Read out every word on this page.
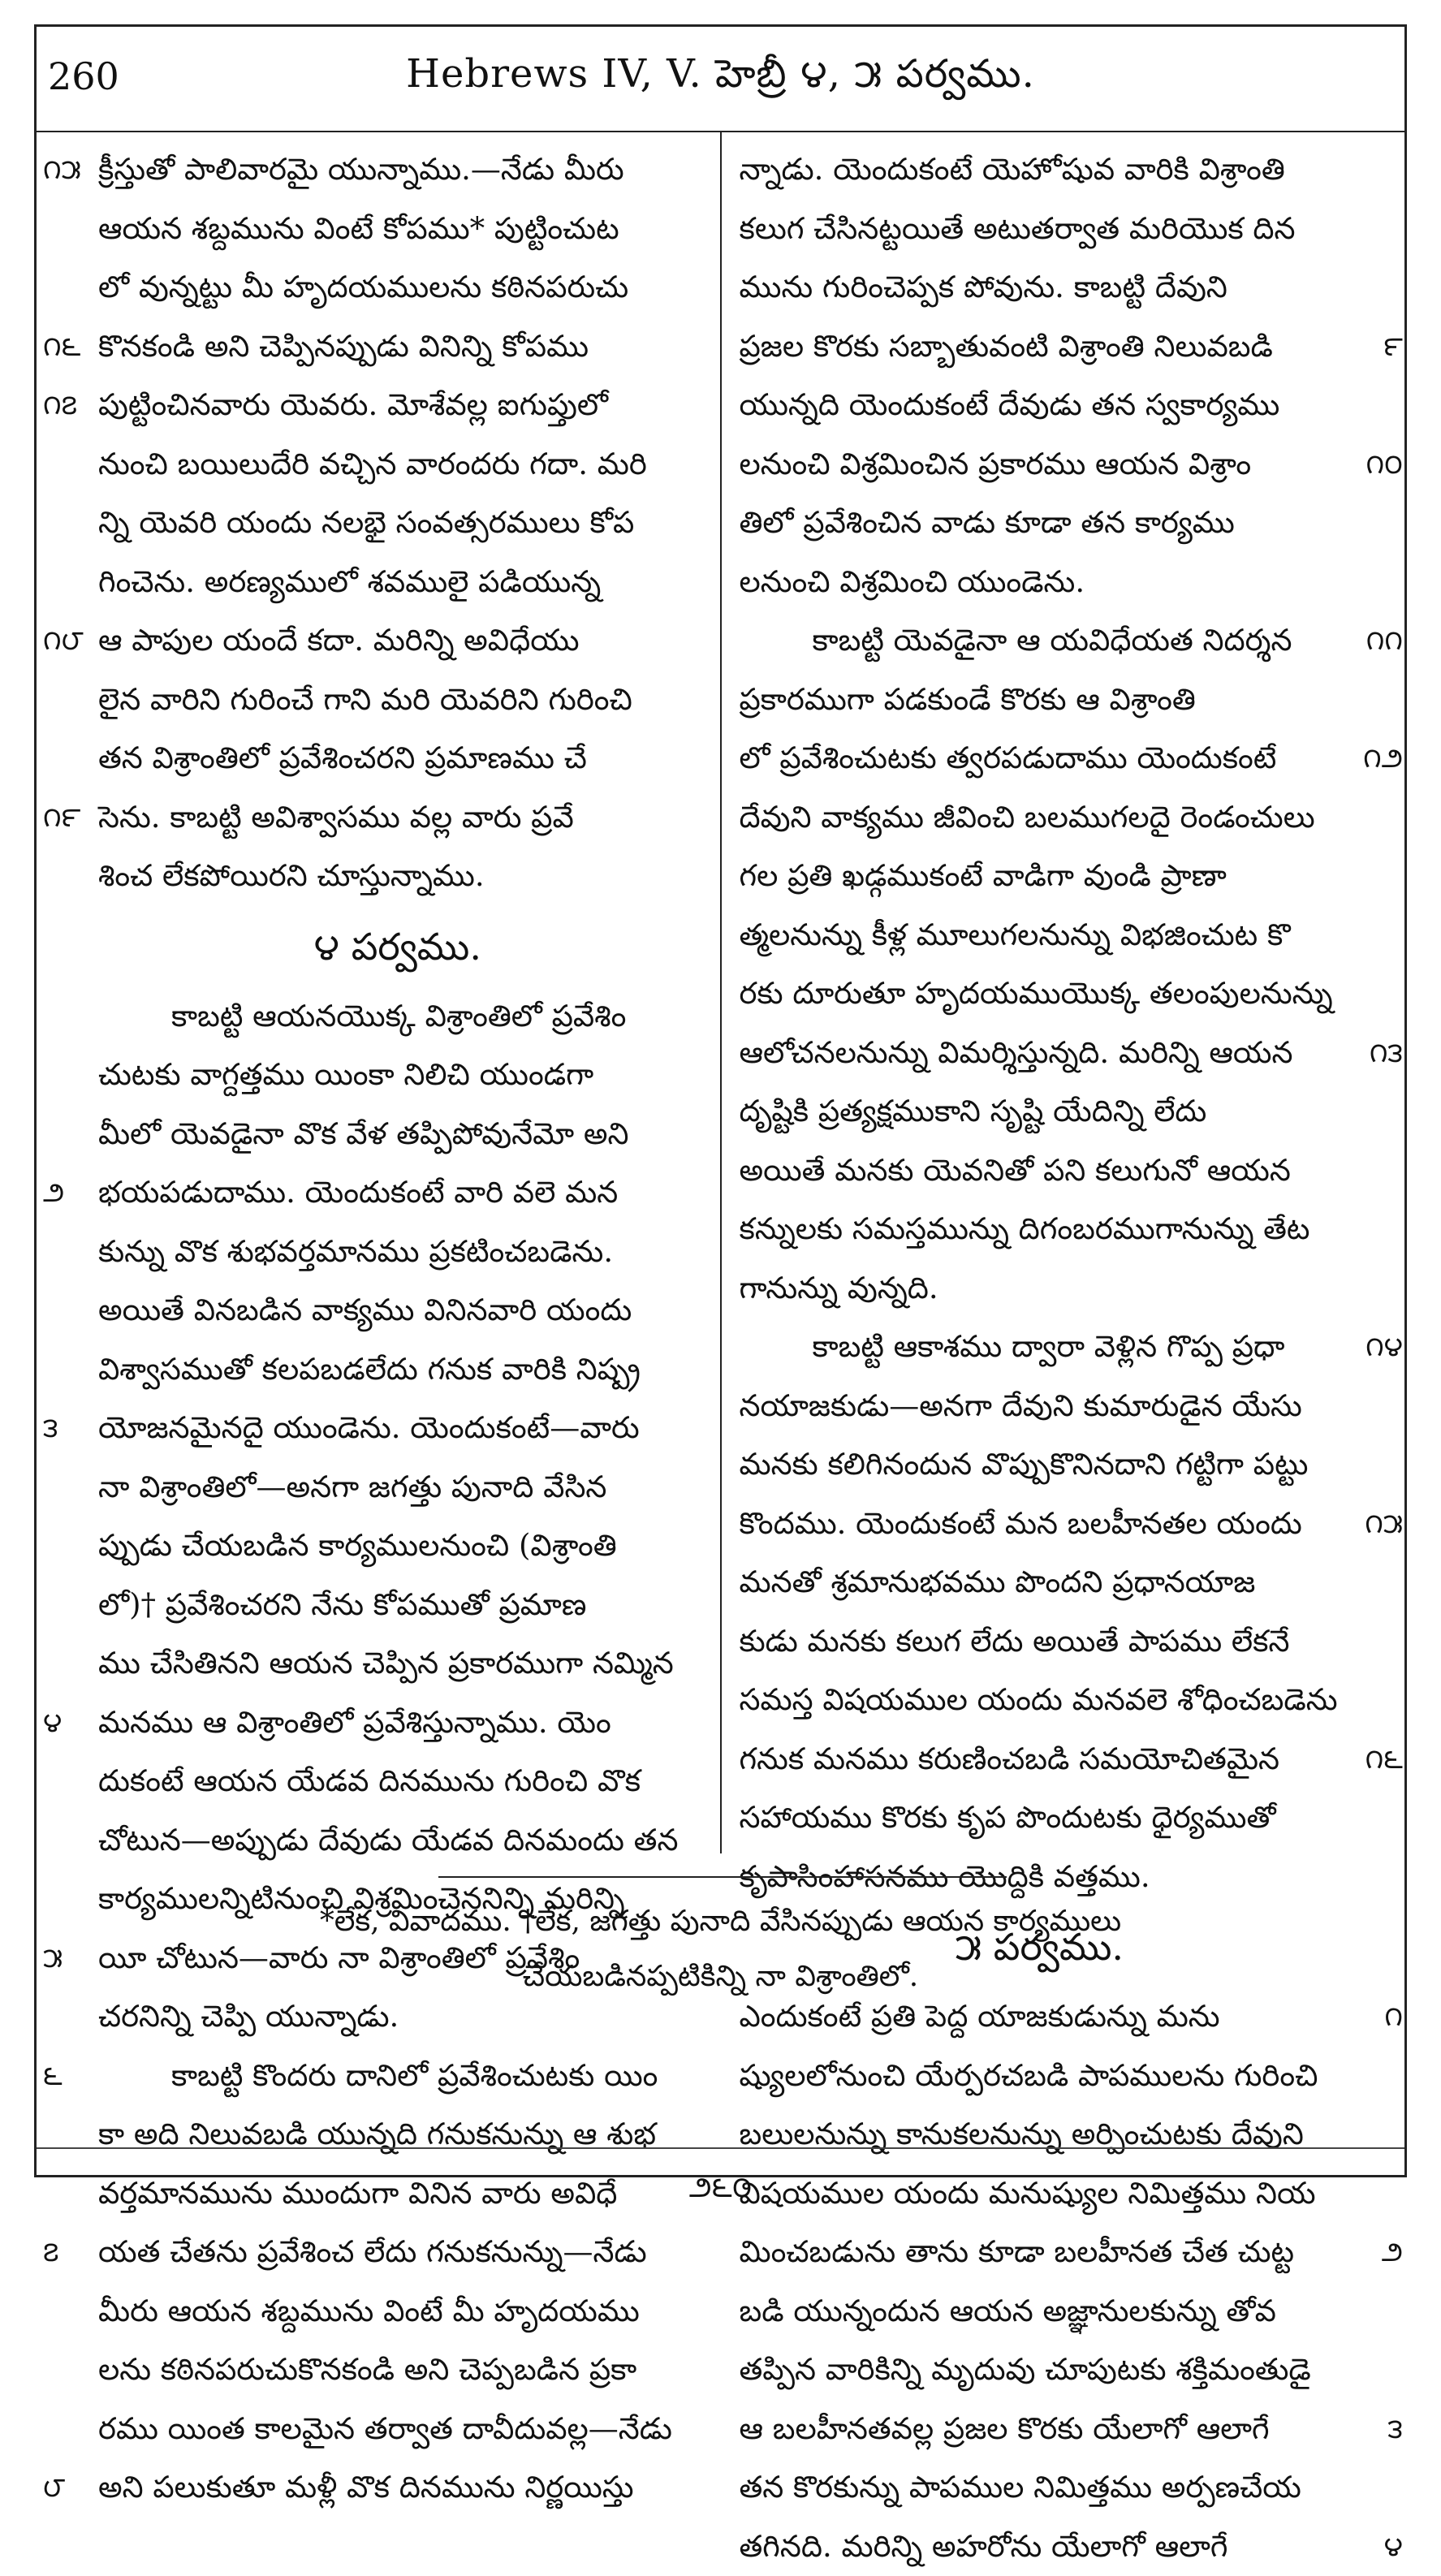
260	Hebrews IV, V. హెబ్రీ ౪, ౫ పర్వము.
౧౫ క్రీస్తుతో పాలివారమై యున్నాము.—నేడు మీరు
ఆయన శబ్దమును వింటే కోపము* పుట్టించుట
లో వున్నట్టు మీ హృదయములను కఠినపరుచు
౧౬ కొనకండి అని చెప్పినప్పుడు వినిన్ని కోపము
౧౭ పుట్టించినవారు యెవరు. మోశేవల్ల ఐగుప్తులో
నుంచి బయిలుదేరి వచ్చిన వారందరు గదా. మరి
న్ని యెవరి యందు నలభై సంవత్సరములు కోప
గించెను. అరణ్యములో శవములై పడియున్న
౧౮ ఆ పాపుల యందే కదా. మరిన్ని అవిధేయు
లైన వారిని గురించే గాని మరి యెవరిని గురించి
తన విశ్రాంతిలో ప్రవేశించరని ప్రమాణము చే
౧౯ సెను. కాబట్టి అవిశ్వాసము వల్ల వారు ప్రవే
శించ లేకపోయిరని చూస్తున్నాము.
౪ పర్వము.
కాబట్టి ఆయనయొక్క విశ్రాంతిలో ప్రవేశిం
చుటకు వాగ్దత్తము యింకా నిలిచి యుండగా
మీలో యెవడైనా వొక వేళ తప్పిపోవునేమో అని
౨	భయపడుదాము. యెందుకంటే వారి వలె మన
కున్ను వొక శుభవర్తమానము ప్రకటించబడెను.
అయితే వినబడిన వాక్యము వినినవారి యందు
విశ్వాసముతో కలపబడలేదు గనుక వారికి నిష్ప్ర
౩	యోజనమైనదై యుండెను. యెందుకంటే—వారు
నా విశ్రాంతిలో—అనగా జగత్తు పునాది వేసిన
ప్పుడు చేయబడిన కార్యములనుంచి (విశ్రాంతి
లో)† ప్రవేశించరని నేను కోపముతో ప్రమాణ
ము చేసితినని ఆయన చెప్పిన ప్రకారముగా నమ్మిన
౪	మనము ఆ విశ్రాంతిలో ప్రవేశిస్తున్నాము. యెం
దుకంటే ఆయన యేడవ దినమును గురించి వొక
చోటున—అప్పుడు దేవుడు యేడవ దినమందు తన
కార్యములన్నిటినుంచి విశ్రమించెననిన్ని మరిన్ని
౫	యీ చోటున—వారు నా విశ్రాంతిలో ప్రవేశిం
చరనిన్ని చెప్పి యున్నాడు.
౬	కాబట్టి కొందరు దానిలో ప్రవేశించుటకు యిం
కా అది నిలువబడి యున్నది గనుకనున్ను ఆ శుభ
వర్తమానమును ముందుగా వినిన వారు అవిధే
౭	యత చేతను ప్రవేశించ లేదు గనుకనున్ను—నేడు
మీరు ఆయన శబ్దమును వింటే మీ హృదయము
లను కఠినపరుచుకొనకండి అని చెప్పబడిన ప్రకా
రము యింత కాలమైన తర్వాత దావీదువల్ల—నేడు
౮	అని పలుకుతూ మళ్లీ వొక దినమును నిర్ణయిస్తు
న్నాడు. యెందుకంటే యెహోషువ వారికి విశ్రాంతి
కలుగ చేసినట్టయితే అటుతర్వాత మరియొక దిన
మును గురించెప్పక పోవును. కాబట్టి దేవుని
౯
ప్రజల కొరకు సబ్బాతువంటి విశ్రాంతి నిలువబడి
యున్నది యెందుకంటే దేవుడు తన స్వకార్యము
౧౦
లనుంచి విశ్రమించిన ప్రకారము ఆయన విశ్రాం
తిలో ప్రవేశించిన వాడు కూడా తన కార్యము
లనుంచి విశ్రమించి యుండెను.
౧౧
కాబట్టి యెవడైనా ఆ యవిధేయత నిదర్శన
ప్రకారముగా పడకుండే కొరకు ఆ విశ్రాంతి
౧౨
లో ప్రవేశించుటకు త్వరపడుదాము యెందుకంటే
దేవుని వాక్యము జీవించి బలముగలదై రెండంచులు
గల ప్రతి ఖడ్గముకంటే వాడిగా వుండి ప్రాణా
త్మలనున్ను కీళ్ల మూలుగలనున్ను విభజించుట కొ
రకు దూరుతూ హృదయముయొక్క తలంపులనున్ను
౧౩
ఆలోచనలనున్ను విమర్శిస్తున్నది. మరిన్ని ఆయన
దృష్టికి ప్రత్యక్షముకాని సృష్టి యేదిన్ని లేదు
అయితే మనకు యెవనితో పని కలుగునో ఆయన
కన్నులకు సమస్తమున్ను దిగంబరముగానున్ను తేట
గానున్ను వున్నది.
౧౪
కాబట్టి ఆకాశము ద్వారా వెళ్లిన గొప్ప ప్రధా
నయాజకుడు—అనగా దేవుని కుమారుడైన యేసు
మనకు కలిగినందున వొప్పుకొనినదాని గట్టిగా పట్టు
౧౫
కొందము. యెందుకంటే మన బలహీనతల యందు
మనతో శ్రమానుభవము పొందని ప్రధానయాజ
కుడు మనకు కలుగ లేదు అయితే పాపము లేకనే
సమస్త విషయముల యందు మనవలె శోధించబడెను
౧౬
గనుక మనము కరుణించబడి సమయోచితమైన
సహాయము కొరకు కృప పొందుటకు ధైర్యముతో
కృపాసింహాసనము యొద్దికి వత్తము.
౫ పర్వము.
౧
ఎందుకంటే ప్రతి పెద్ద యాజకుడున్ను మను
ష్యులలోనుంచి యేర్పరచబడి పాపములను గురించి
బలులనున్ను కానుకలనున్ను అర్పించుటకు దేవుని
విషయముల యందు మనుష్యుల నిమిత్తము నియ
౨
మించబడును తాను కూడా బలహీనత చేత చుట్ట
బడి యున్నందున ఆయన అజ్ఞానులకున్ను తోవ
తప్పిన వారికిన్ని మృదువు చూపుటకు శక్తిమంతుడై
౩
ఆ బలహీనతవల్ల ప్రజల కొరకు యేలాగో ఆలాగే
తన కొరకున్ను పాపముల నిమిత్తము అర్పణచేయ
౪
తగినది. మరిన్ని అహరోను యేలాగో ఆలాగే
*లేక, వివాదము. †లేక, జగత్తు పునాది వేసినప్పుడు ఆయన కార్యములు
చేయబడినప్పటికిన్ని నా విశ్రాంతిలో.
౨౬౦
